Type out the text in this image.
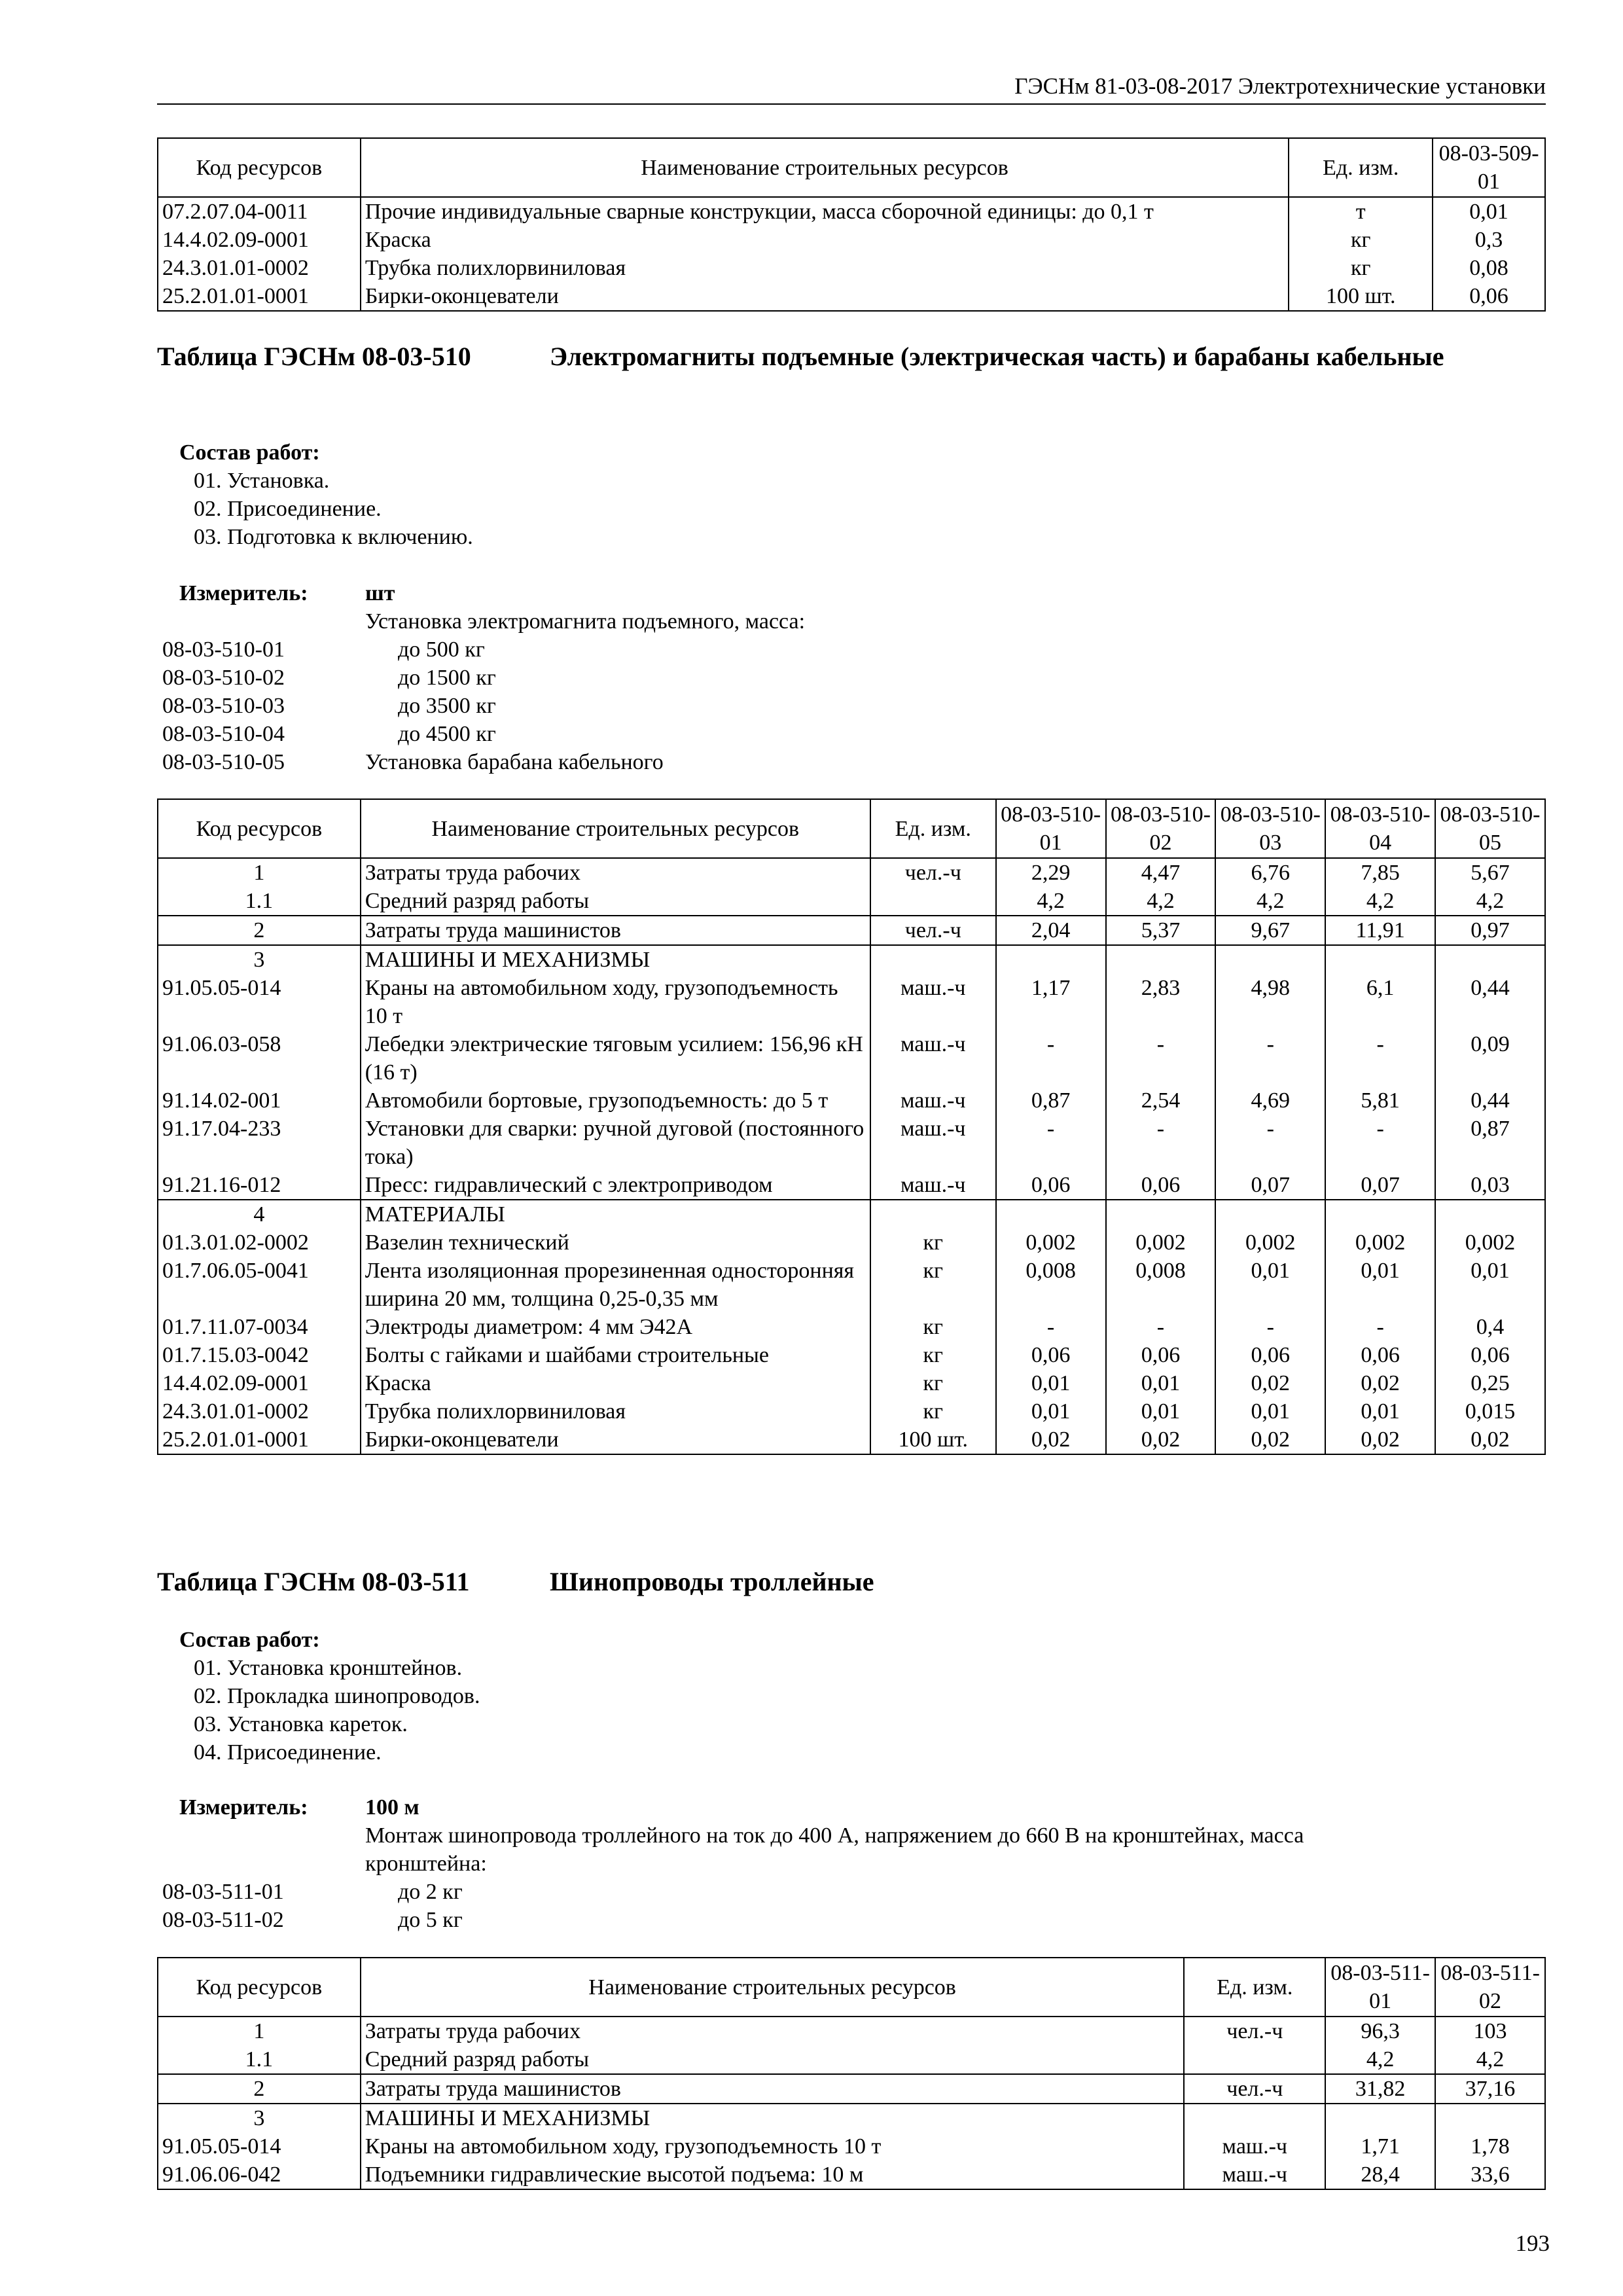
ГЭСНм 81-03-08-2017 Электротехнические установки
Код ресурсов	Наименование строительных ресурсов	Ед. изм.	08-03-509-01
07.2.07.04-0011	Прочие индивидуальные сварные конструкции, масса сборочной единицы: до 0,1 т	т	0,01
14.4.02.09-0001	Краска	кг	0,3
24.3.01.01-0002	Трубка полихлорвиниловая	кг	0,08
25.2.01.01-0001	Бирки-оконцеватели	100 шт.	0,06
Таблица ГЭСНм 08-03-510	Электромагниты подъемные (электрическая часть) и барабаны кабельные
Состав работ:
01. Установка.
02. Присоединение.
03. Подготовка к включению.
Измеритель:	шт
Установка электромагнита подъемного, масса:
08-03-510-01	до 500 кг
08-03-510-02	до 1500 кг
08-03-510-03	до 3500 кг
08-03-510-04	до 4500 кг
08-03-510-05	Установка барабана кабельного
Код ресурсов	Наименование строительных ресурсов	Ед. изм.	08-03-510-01	08-03-510-02	08-03-510-03	08-03-510-04	08-03-510-05
1	Затраты труда рабочих	чел.-ч	2,29	4,47	6,76	7,85	5,67
1.1	Средний разряд работы		4,2	4,2	4,2	4,2	4,2
2	Затраты труда машинистов	чел.-ч	2,04	5,37	9,67	11,91	0,97
3	МАШИНЫ И МЕХАНИЗМЫ						
91.05.05-014	Краны на автомобильном ходу, грузоподъемность 10 т	маш.-ч	1,17	2,83	4,98	6,1	0,44
91.06.03-058	Лебедки электрические тяговым усилием: 156,96 кН (16 т)	маш.-ч	-	-	-	-	0,09
91.14.02-001	Автомобили бортовые, грузоподъемность: до 5 т	маш.-ч	0,87	2,54	4,69	5,81	0,44
91.17.04-233	Установки для сварки: ручной дуговой (постоянного тока)	маш.-ч	-	-	-	-	0,87
91.21.16-012	Пресс: гидравлический с электроприводом	маш.-ч	0,06	0,06	0,07	0,07	0,03
4	МАТЕРИАЛЫ						
01.3.01.02-0002	Вазелин технический	кг	0,002	0,002	0,002	0,002	0,002
01.7.06.05-0041	Лента изоляционная прорезиненная односторонняя ширина 20 мм, толщина 0,25-0,35 мм	кг	0,008	0,008	0,01	0,01	0,01
01.7.11.07-0034	Электроды диаметром: 4 мм Э42А	кг	-	-	-	-	0,4
01.7.15.03-0042	Болты с гайками и шайбами строительные	кг	0,06	0,06	0,06	0,06	0,06
14.4.02.09-0001	Краска	кг	0,01	0,01	0,02	0,02	0,25
24.3.01.01-0002	Трубка полихлорвиниловая	кг	0,01	0,01	0,01	0,01	0,015
25.2.01.01-0001	Бирки-оконцеватели	100 шт.	0,02	0,02	0,02	0,02	0,02
Таблица ГЭСНм 08-03-511	Шинопроводы троллейные
Состав работ:
01. Установка кронштейнов.
02. Прокладка шинопроводов.
03. Установка кареток.
04. Присоединение.
Измеритель:	100 м
Монтаж шинопровода троллейного на ток до 400 А, напряжением до 660 В на кронштейнах, масса
кронштейна:
08-03-511-01	до 2 кг
08-03-511-02	до 5 кг
Код ресурсов	Наименование строительных ресурсов	Ед. изм.	08-03-511-01	08-03-511-02
1	Затраты труда рабочих	чел.-ч	96,3	103
1.1	Средний разряд работы		4,2	4,2
2	Затраты труда машинистов	чел.-ч	31,82	37,16
3	МАШИНЫ И МЕХАНИЗМЫ			
91.05.05-014	Краны на автомобильном ходу, грузоподъемность 10 т	маш.-ч	1,71	1,78
91.06.06-042	Подъемники гидравлические высотой подъема: 10 м	маш.-ч	28,4	33,6
193
